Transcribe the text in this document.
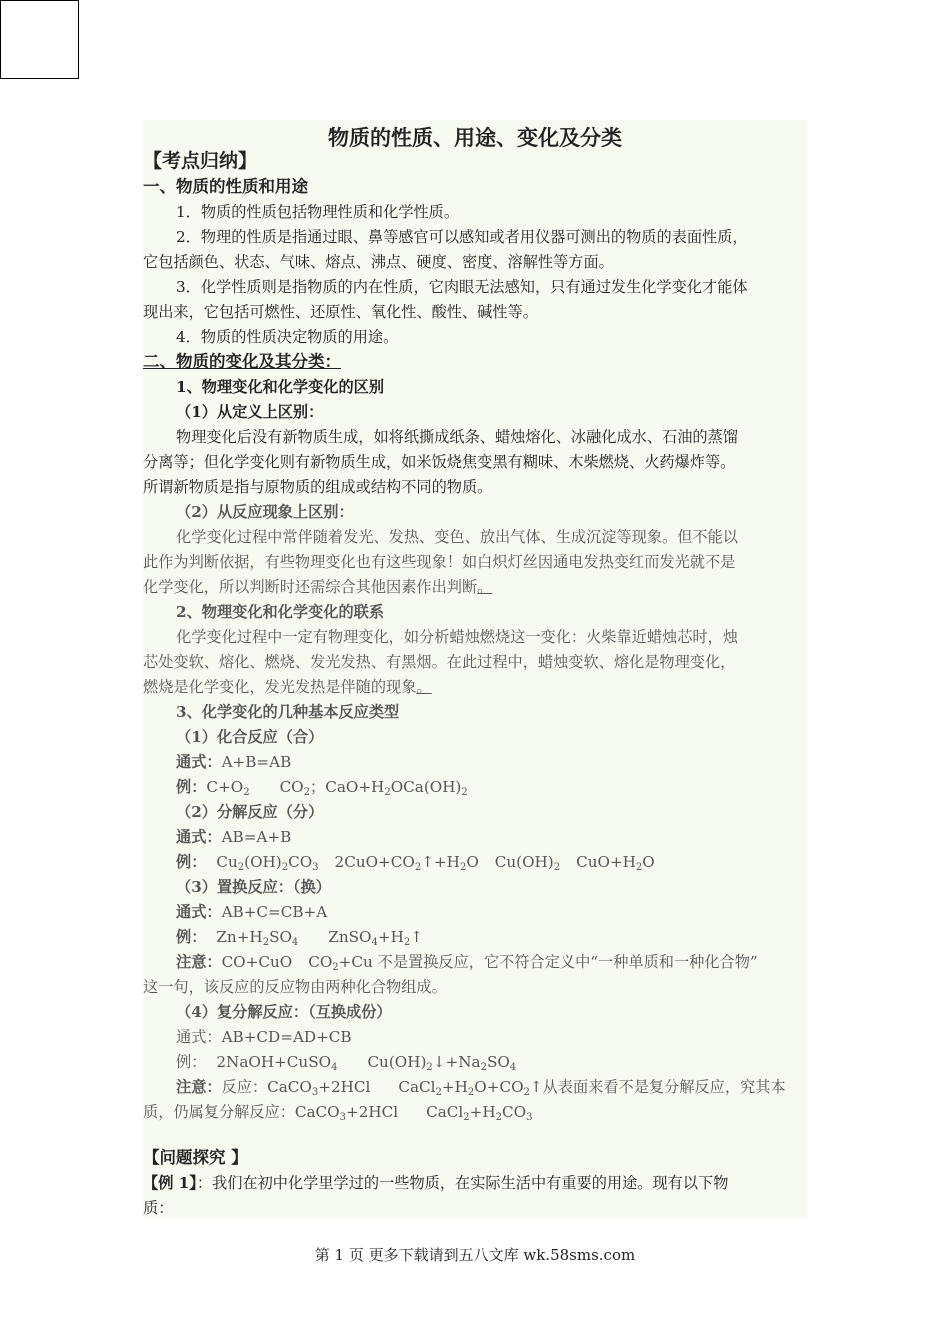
物质的性质、用途、变化及分类

【考点归纳】

一、物质的性质和用途

1．物质的性质包括物理性质和化学性质。

2．物理的性质是指通过眼、鼻等感官可以感知或者用仪器可测出的物质的表面性质，

它包括颜色、状态、气味、熔点、沸点、硬度、密度、溶解性等方面。

3．化学性质则是指物质的内在性质，它肉眼无法感知，只有通过发生化学变化才能体

现出来，它包括可燃性、还原性、氧化性、酸性、碱性等。

4．物质的性质决定物质的用途。

二、物质的变化及其分类：

1、物理变化和化学变化的区别

（1）从定义上区别：

物理变化后没有新物质生成，如将纸撕成纸条、蜡烛熔化、冰融化成水、石油的蒸馏

分离等；但化学变化则有新物质生成，如米饭烧焦变黑有糊味、木柴燃烧、火药爆炸等。

所谓新物质是指与原物质的组成或结构不同的物质。

（2）从反应现象上区别：

化学变化过程中常伴随着发光、发热、变色、放出气体、生成沉淀等现象。但不能以

此作为判断依据，有些物理变化也有这些现象！如白炽灯丝因通电发热变红而发光就不是

化学变化，所以判断时还需综合其他因素作出判断。

2、物理变化和化学变化的联系

化学变化过程中一定有物理变化，如分析蜡烛燃烧这一变化：火柴靠近蜡烛芯时，烛

芯处变软、熔化、燃烧、发光发热、有黑烟。在此过程中，蜡烛变软、熔化是物理变化，

燃烧是化学变化，发光发热是伴随的现象。

3、化学变化的几种基本反应类型

（1）化合反应（合）

通式：A+B=AB

例：$C+O_2$ $CO_2$；$CaO+H_2OCa(OH)_2$

（2）分解反应（分）

通式：AB=A+B

例： $Cu_2(OH)_2CO_3$ $2CuO+CO_2↑+H_2O$ $Cu(OH)_2$ $CuO+H_2O$

（3）置换反应：（换）

通式：AB+C=CB+A

例： $Zn+H_2SO_4$ $ZnSO_4+H_2↑$

注意：CO+CuO $CO_2+Cu$ 不是置换反应，它不符合定义中“一种单质和一种化合物”

这一句，该反应的反应物由两种化合物组成。

（4）复分解反应：（互换成份）

通式：AB+CD=AD+CB

例： 2NaOH+CuSO$_4$ $Cu(OH)_2↓+Na_2SO_4$

注意：反应：CaCO$_3$+2HCl $CaCl_2+H_2O+CO_2↑$从表面来看不是复分解反应，究其本

质，仍属复分解反应：CaCO$_3$+2HCl $CaCl_2+H_2CO_3$

【问题探究 】

【例 1】：我们在初中化学里学过的一些物质，在实际生活中有重要的用途。现有以下物

质：

第 1 页 更多下载请到五八文库 wk.58sms.com
